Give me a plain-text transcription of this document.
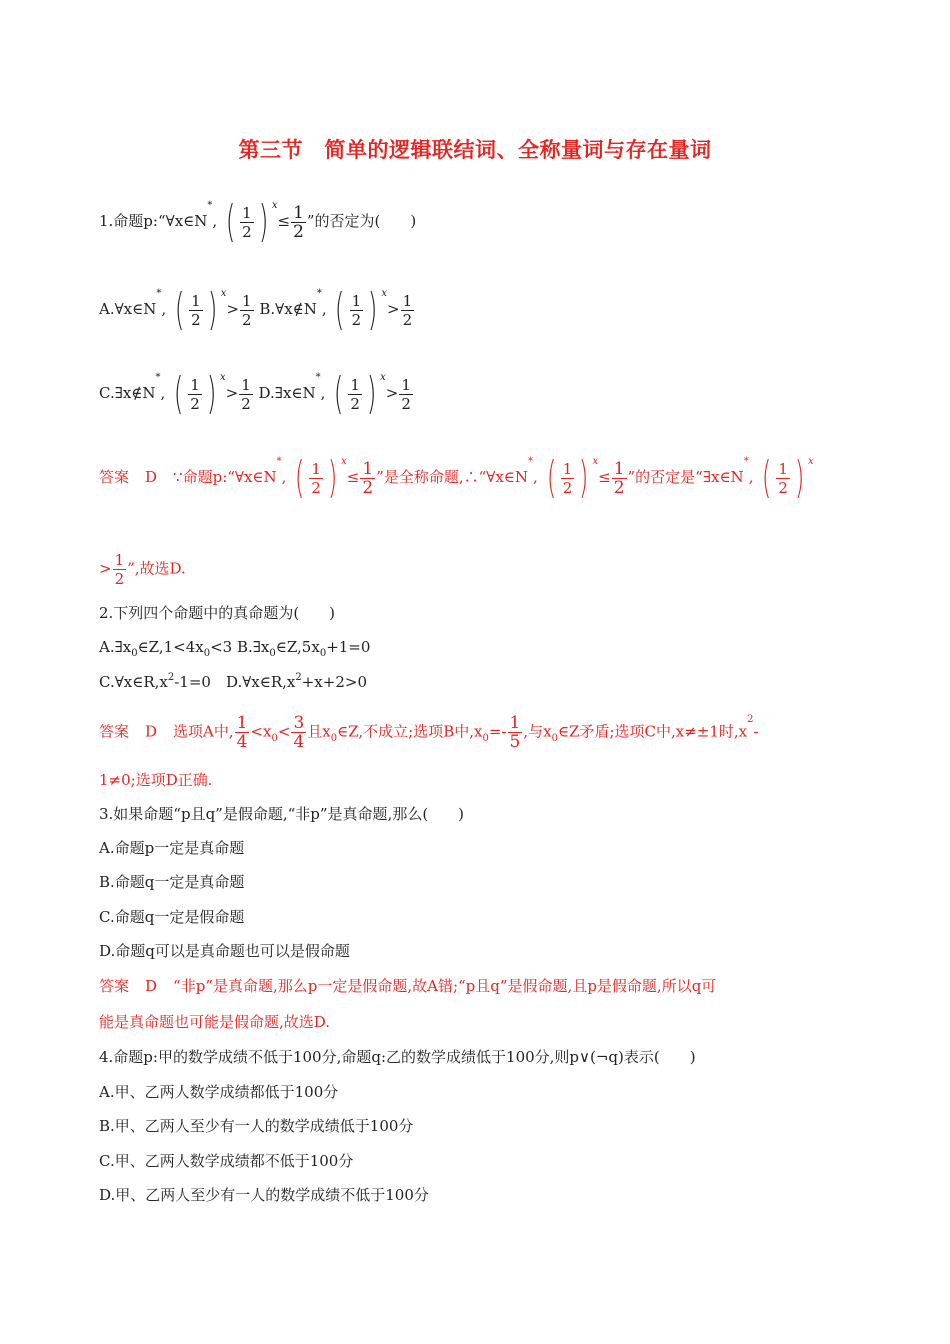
第三节　简单的逻辑联结词、全称量词与存在量词
1.命题p:“∀x∈N*, ( $\frac{1}{2}$ ) $^x\le \frac{1}{2}$ ”的否定为(　　)
A.∀x∈N*, ( $\frac{1}{2}$ ) $^x> \frac{1}{2}$ B.∀x∉N*, ( $\frac{1}{2}$ ) $^x> \frac{1}{2}$
C.∃x∉N*, ( $\frac{1}{2}$ ) $^x> \frac{1}{2}$ D.∃x∈N*, ( $\frac{1}{2}$ ) $^x> \frac{1}{2}$
答案 D ∵命题p:“∀x∈N*, ( $\frac{1}{2}$ ) $^x\le \frac{1}{2}$ ”是全称命题,∴“∀x∈N*, ( $\frac{1}{2}$ ) $^x\le \frac{1}{2}$ ”的否定是“∃x∈N*, ( $\frac{1}{2}$ ) $^x$
> $\frac{1}{2}$ ”,故选D.
2.下列四个命题中的真命题为(　　)
$A.\exists x_0\in Z,1<4x_0<3$ $B.\exists x_0\in Z,5x_0+1=0$
$C.\forall x\in R,x^2-1=0$　$D.\forall x\in R,x^2+x+2>0$
答案 D 选项A中, $\frac{1}{4} <x_0< \frac{3}{4}$ 且$x_0\in Z$,不成立;选项B中$,x_0=- \frac{1}{5}$ ,与$x_0\in Z$矛盾;选项C中,x≠±1时$,x^2-$
1≠0;选项D正确.
3.如果命题“p且q”是假命题,“非p”是真命题,那么(　　)
A.命题p一定是真命题
B.命题q一定是真命题
C.命题q一定是假命题
D.命题q可以是真命题也可以是假命题
答案 D “非p”是真命题,那么p一定是假命题,故A错;“p且q”是假命题,且p是假命题,所以q可
能是真命题也可能是假命题,故选D.
4.命题p:甲的数学成绩不低于100分,命题q:乙的数学成绩低于100分,则p∨(¬q)表示(　　)
A.甲、乙两人数学成绩都低于100分
B.甲、乙两人至少有一人的数学成绩低于100分
C.甲、乙两人数学成绩都不低于100分
D.甲、乙两人至少有一人的数学成绩不低于100分
